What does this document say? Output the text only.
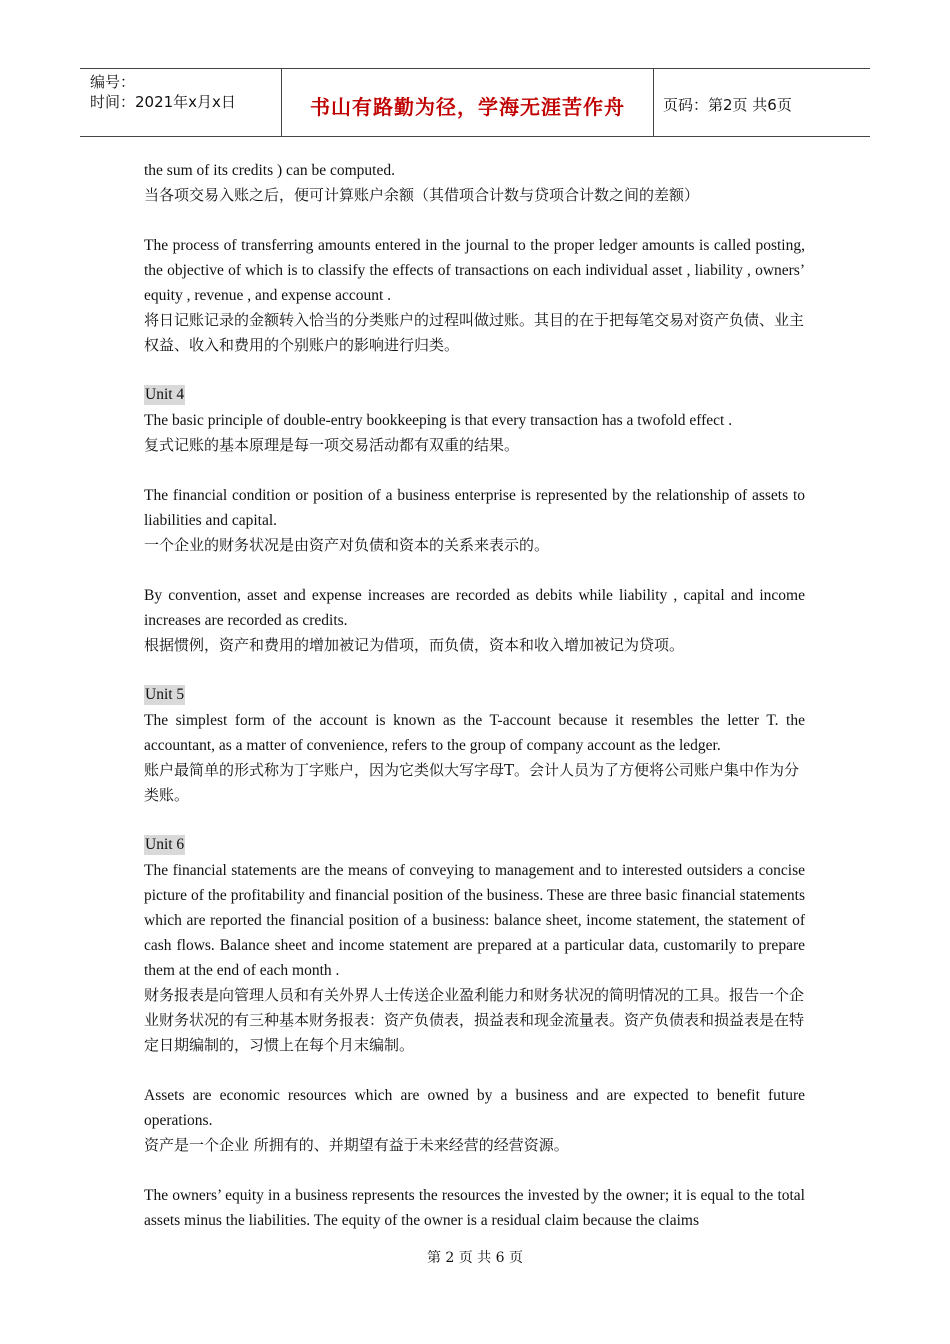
编号：
时间：2021年x月x日	书山有路勤为径，学海无涯苦作舟	页码：第2页 共6页

the sum of its credits ) can be computed.

当各项交易入账之后，便可计算账户余额（其借项合计数与贷项合计数之间的差额）

The process of transferring amounts entered in the journal to the proper ledger amounts is called posting, the objective of which is to classify the effects of transactions on each individual asset , liability , owners’ equity , revenue , and expense account .

将日记账记录的金额转入恰当的分类账户的过程叫做过账。其目的在于把每笔交易对资产负债、业主权益、收入和费用的个别账户的影响进行归类。

Unit 4

The basic principle of double-entry bookkeeping is that every transaction has a twofold effect .

复式记账的基本原理是每一项交易活动都有双重的结果。

The financial condition or position of a business enterprise is represented by the relationship of assets to liabilities and capital.

一个企业的财务状况是由资产对负债和资本的关系来表示的。

By convention, asset and expense increases are recorded as debits while liability , capital and income increases are recorded as credits.

根据惯例，资产和费用的增加被记为借项，而负债，资本和收入增加被记为贷项。

Unit 5

The simplest form of the account is known as the T-account because it resembles the letter T. the accountant, as a matter of convenience, refers to the group of company account as the ledger.

账户最简单的形式称为丁字账户，因为它类似大写字母T。会计人员为了方便将公司账户集中作为分类账。

Unit 6

The financial statements are the means of conveying to management and to interested outsiders a concise picture of the profitability and financial position of the business. These are three basic financial statements which are reported the financial position of a business: balance sheet, income statement, the statement of cash flows. Balance sheet and income statement are prepared at a particular data, customarily to prepare them at the end of each month .

财务报表是向管理人员和有关外界人士传送企业盈利能力和财务状况的简明情况的工具。报告一个企业财务状况的有三种基本财务报表：资产负债表，损益表和现金流量表。资产负债表和损益表是在特定日期编制的，习惯上在每个月末编制。

Assets are economic resources which are owned by a business and are expected to benefit future operations.

资产是一个企业 所拥有的、并期望有益于未来经营的经营资源。

The owners’ equity in a business represents the resources the invested by the owner; it is equal to the total assets minus the liabilities. The equity of the owner is a residual claim because the claims

第 2 页 共 6 页
